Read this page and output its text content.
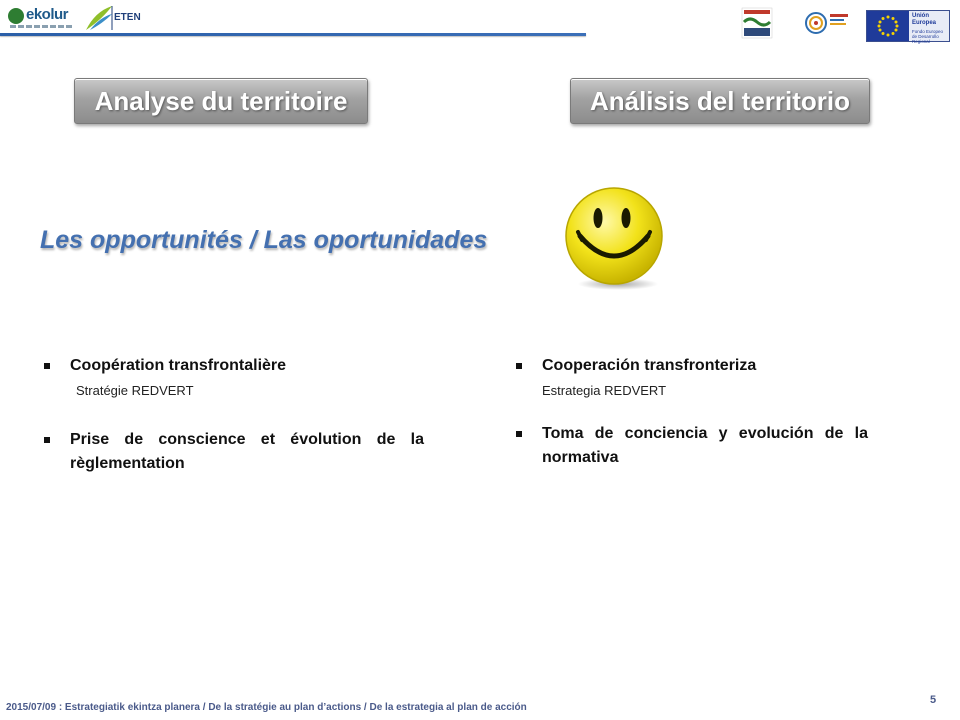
ekolur	ETEN	Unión Europea
Fondo Europeo de Desarrollo Regional
Analyse du territoire	Análisis del territorio
Les opportunités / Las oportunidades
Coopération transfrontalière
Stratégie REDVERT
Prise de conscience et évolution de la règlementation
Cooperación transfronteriza
Estrategia REDVERT
Toma de conciencia y evolución de la normativa
2015/07/09 : Estrategiatik ekintza planera / De la stratégie au plan d’actions / De la estrategia al plan de acción
5
